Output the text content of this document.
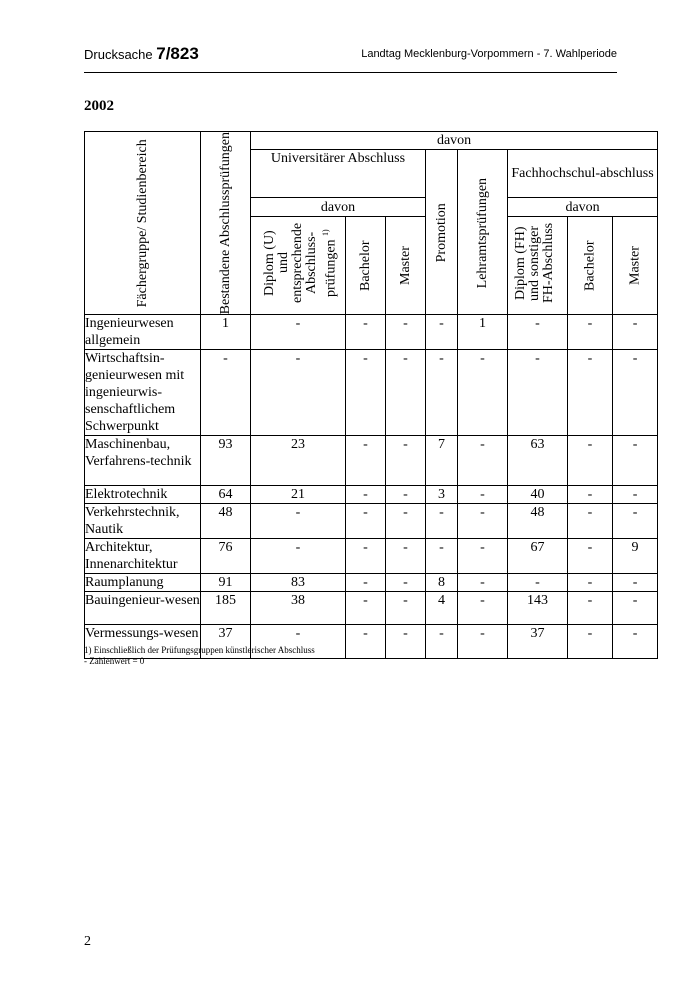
Drucksache 7/823	Landtag Mecklenburg-Vorpommern - 7. Wahlperiode
2002
Fächergruppe/ Studienbereich	Bestandene Abschlussprüfungen	davon							
		Universitärer Abschluss			Promotion	Lehramtsprüfungen	Fachhochschul-abschluss		
		davon					davon		
		Diplom (U) und entsprechende Abschluss-prüfungen $^{1)}$	Bachelor	Master			Diplom (FH) und sonstiger FH-Abschluss	Bachelor	Master
Ingenieurwesen allgemein	1	-	-	-	-	1	-	-	-
Wirtschaftsin-genieurwesen mit ingenieurwis-senschaftlichem Schwerpunkt	-	-	-	-	-	-	-	-	-
Maschinenbau, Verfahrens-technik	93	23	-	-	7	-	63	-	-
Elektrotechnik	64	21	-	-	3	-	40	-	-
Verkehrstechnik, Nautik	48	-	-	-	-	-	48	-	-
Architektur, Innenarchitektur	76	-	-	-	-	-	67	-	9
Raumplanung	91	83	-	-	8	-	-	-	-
Bauingenieur-wesen	185	38	-	-	4	-	143	-	-
Vermessungs-wesen	37	-	-	-	-	-	37	-	-
1) Einschließlich der Prüfungsgruppen künstlerischer Abschluss
- Zahlenwert = 0
2
